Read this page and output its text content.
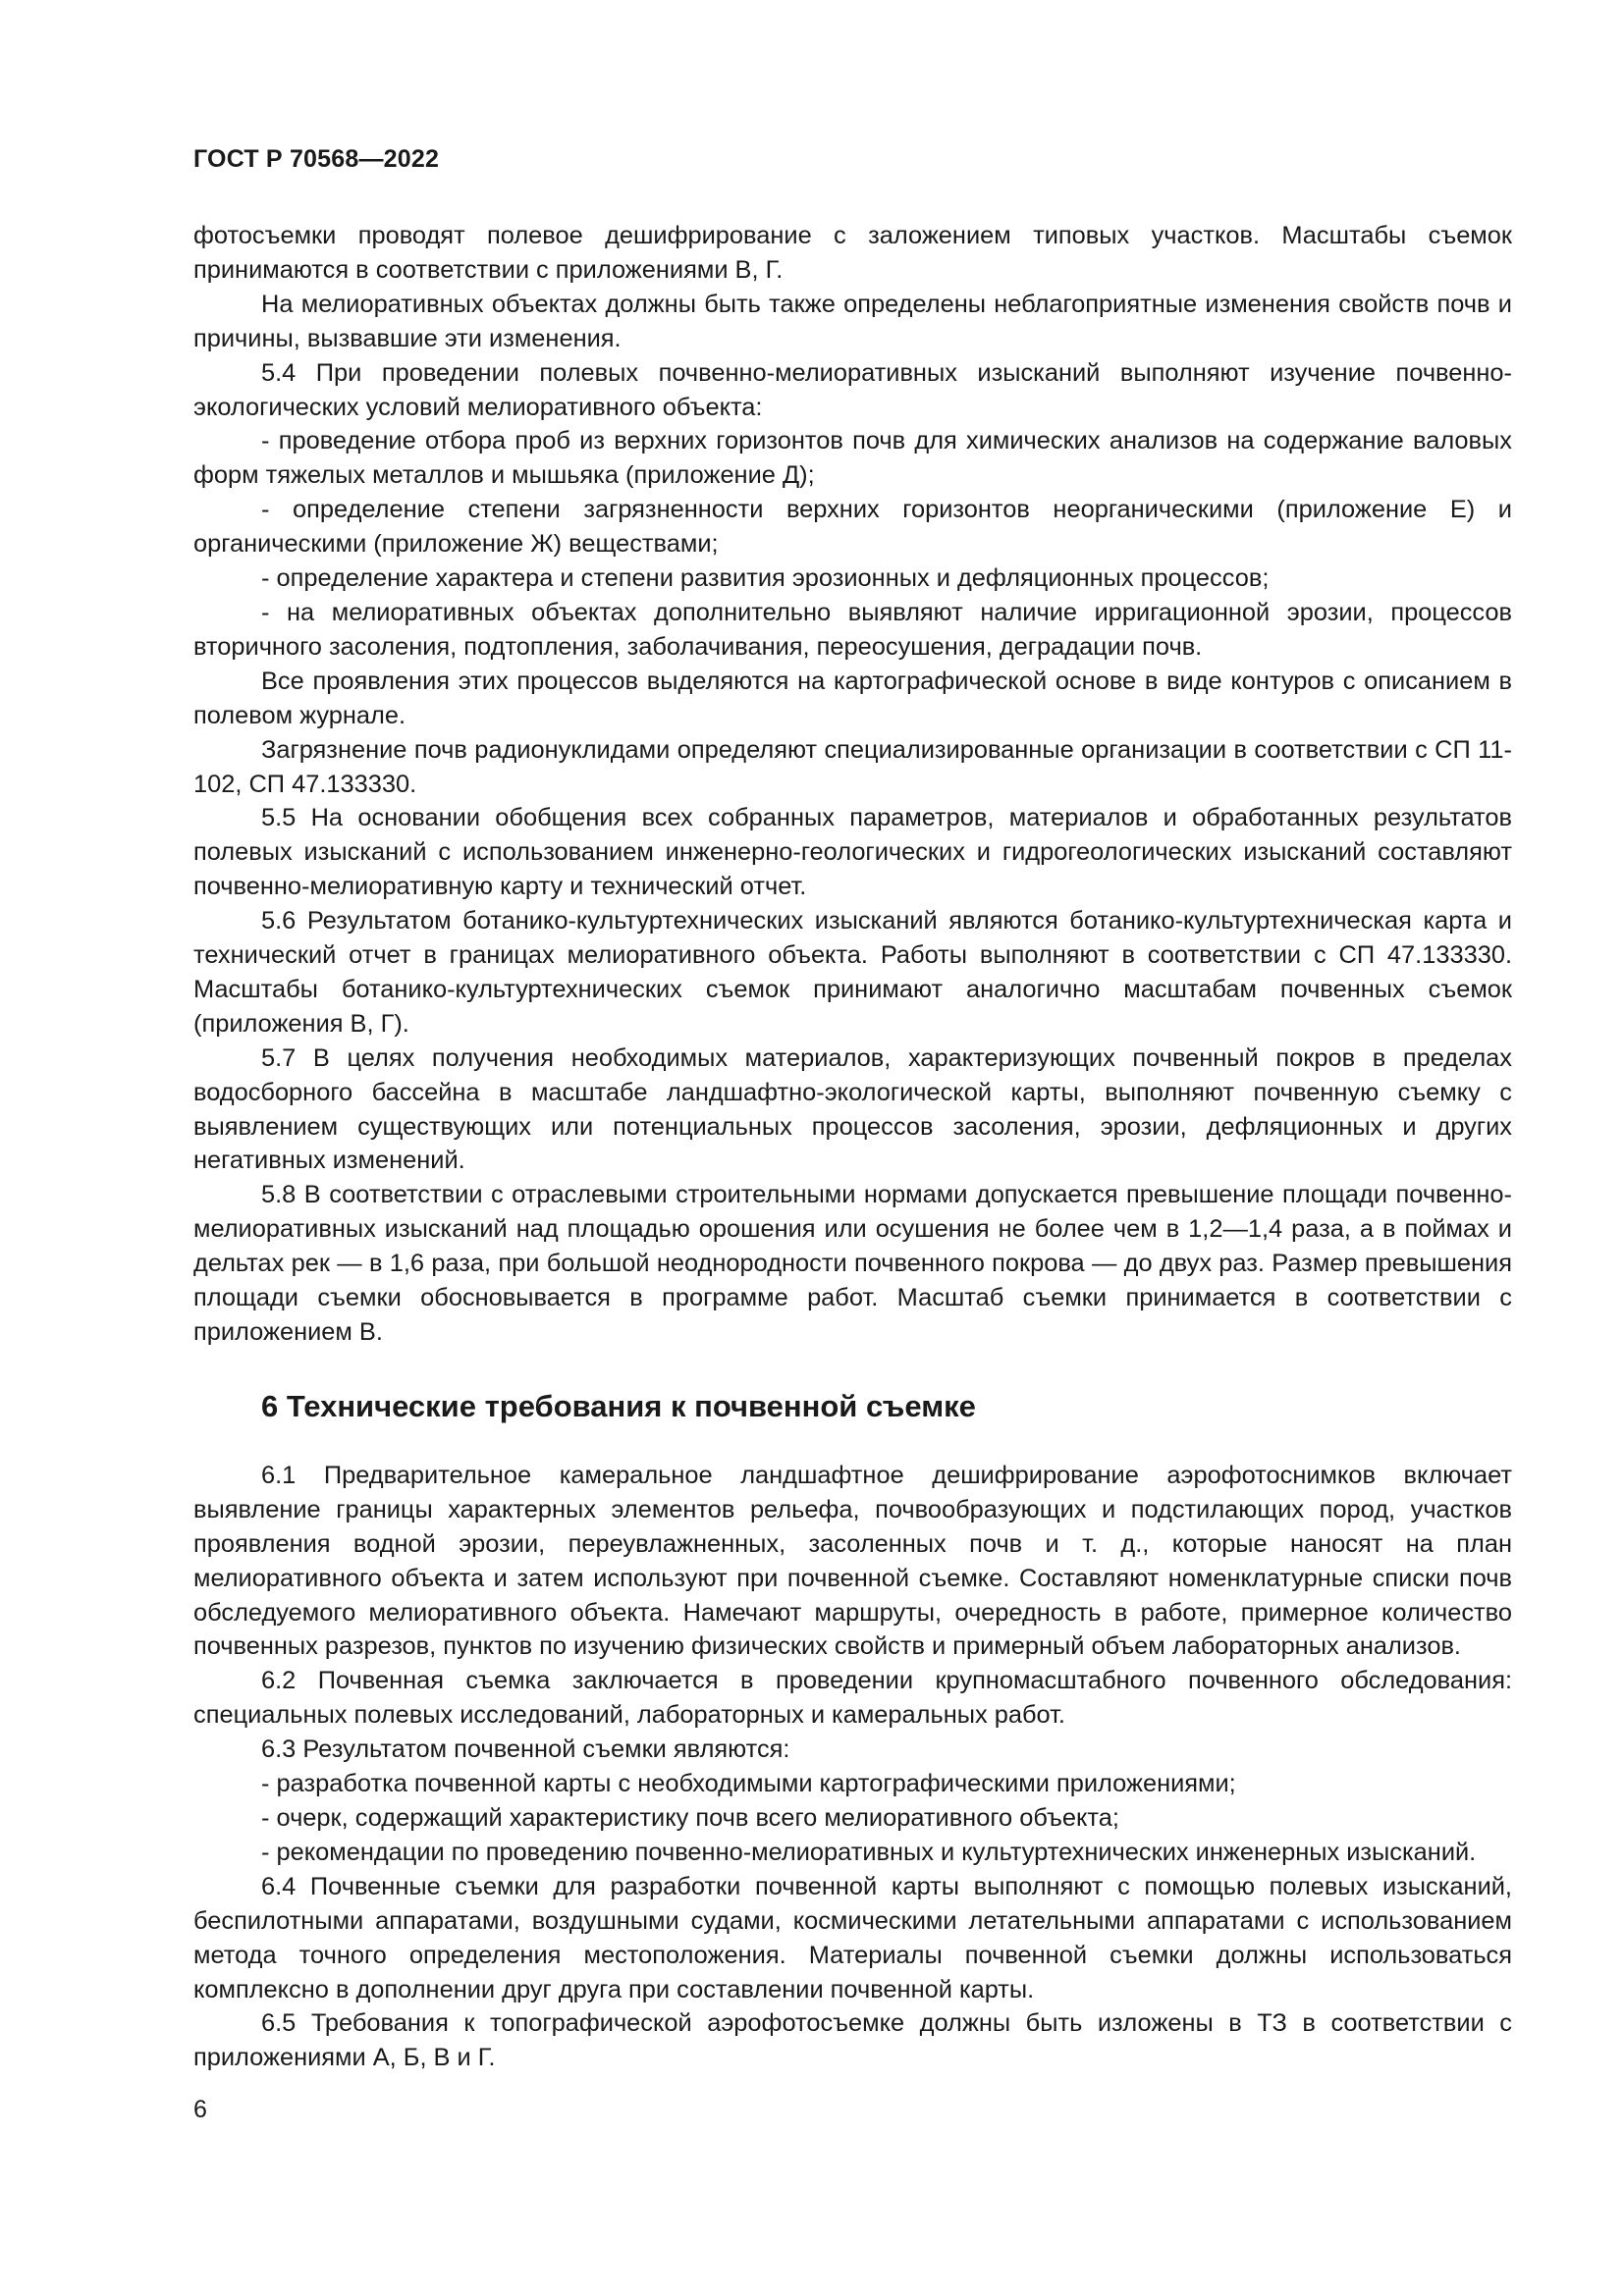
ГОСТ Р 70568—2022

фотосъемки проводят полевое дешифрирование с заложением типовых участков. Масштабы съемок принимаются в соответствии с приложениями В, Г.

На мелиоративных объектах должны быть также определены неблагоприятные изменения свойств почв и причины, вызвавшие эти изменения.

5.4 При проведении полевых почвенно-мелиоративных изысканий выполняют изучение почвенно-экологических условий мелиоративного объекта:

- проведение отбора проб из верхних горизонтов почв для химических анализов на содержание валовых форм тяжелых металлов и мышьяка (приложение Д);

- определение степени загрязненности верхних горизонтов неорганическими (приложение Е) и органическими (приложение Ж) веществами;

- определение характера и степени развития эрозионных и дефляционных процессов;

- на мелиоративных объектах дополнительно выявляют наличие ирригационной эрозии, процессов вторичного засоления, подтопления, заболачивания, переосушения, деградации почв.

Все проявления этих процессов выделяются на картографической основе в виде контуров с описанием в полевом журнале.

Загрязнение почв радионуклидами определяют специализированные организации в соответствии с СП 11-102, СП 47.133330.

5.5 На основании обобщения всех собранных параметров, материалов и обработанных результатов полевых изысканий с использованием инженерно-геологических и гидрогеологических изысканий составляют почвенно-мелиоративную карту и технический отчет.

5.6 Результатом ботанико-культуртехнических изысканий являются ботанико-культуртехническая карта и технический отчет в границах мелиоративного объекта. Работы выполняют в соответствии с СП 47.133330. Масштабы ботанико-культуртехнических съемок принимают аналогично масштабам почвенных съемок (приложения В, Г).

5.7 В целях получения необходимых материалов, характеризующих почвенный покров в пределах водосборного бассейна в масштабе ландшафтно-экологической карты, выполняют почвенную съемку с выявлением существующих или потенциальных процессов засоления, эрозии, дефляционных и других негативных изменений.

5.8 В соответствии с отраслевыми строительными нормами допускается превышение площади почвенно-мелиоративных изысканий над площадью орошения или осушения не более чем в 1,2—1,4 раза, а в поймах и дельтах рек — в 1,6 раза, при большой неоднородности почвенного покрова — до двух раз. Размер превышения площади съемки обосновывается в программе работ. Масштаб съемки принимается в соответствии с приложением В.

6 Технические требования к почвенной съемке

6.1 Предварительное камеральное ландшафтное дешифрирование аэрофотоснимков включает выявление границы характерных элементов рельефа, почвообразующих и подстилающих пород, участков проявления водной эрозии, переувлажненных, засоленных почв и т. д., которые наносят на план мелиоративного объекта и затем используют при почвенной съемке. Составляют номенклатурные списки почв обследуемого мелиоративного объекта. Намечают маршруты, очередность в работе, примерное количество почвенных разрезов, пунктов по изучению физических свойств и примерный объем лабораторных анализов.

6.2 Почвенная съемка заключается в проведении крупномасштабного почвенного обследования: специальных полевых исследований, лабораторных и камеральных работ.

6.3 Результатом почвенной съемки являются:

- разработка почвенной карты с необходимыми картографическими приложениями;

- очерк, содержащий характеристику почв всего мелиоративного объекта;

- рекомендации по проведению почвенно-мелиоративных и культуртехнических инженерных изысканий.

6.4 Почвенные съемки для разработки почвенной карты выполняют с помощью полевых изысканий, беспилотными аппаратами, воздушными судами, космическими летательными аппаратами с использованием метода точного определения местоположения. Материалы почвенной съемки должны использоваться комплексно в дополнении друг друга при составлении почвенной карты.

6.5 Требования к топографической аэрофотосъемке должны быть изложены в ТЗ в соответствии с приложениями А, Б, В и Г.

6
